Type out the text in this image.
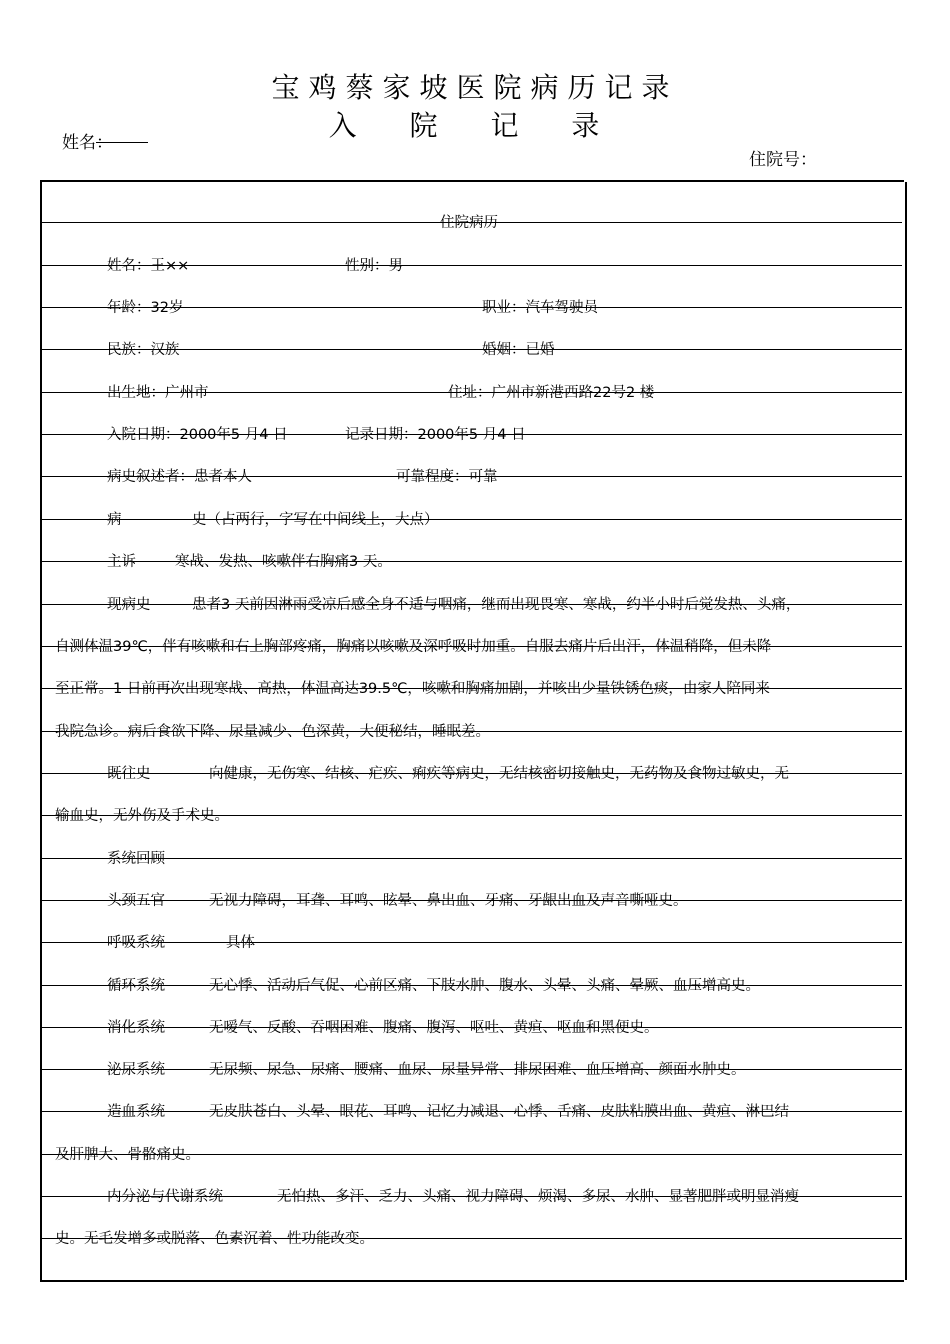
宝鸡蔡家坡医院病历记录
入 院 记 录
姓名：
住院号：
住院病历
姓名：王××	性别：男
年龄：32岁	职业：汽车驾驶员
民族：汉族	婚姻：已婚
出生地：广州市	住址：广州市新港西路22号2 楼
入院日期：2000年5 月4 日	记录日期：2000年5 月4 日
病史叙述者：患者本人	可靠程度：可靠
病	史（占两行，字写在中间线上，大点）
主诉	寒战、发热、咳嗽伴右胸痛3 天。
现病史	患者3 天前因淋雨受凉后感全身不适与咽痛，继而出现畏寒、寒战，约半小时后觉发热、头痛，
自测体温39℃，伴有咳嗽和右上胸部疼痛，胸痛以咳嗽及深呼吸时加重。自服去痛片后出汗，体温稍降，但未降
至正常。1 日前再次出现寒战、高热，体温高达39.5℃，咳嗽和胸痛加剧，并咳出少量铁锈色痰，由家人陪同来
我院急诊。病后食欲下降、尿量减少、色深黄，大便秘结，睡眠差。
既往史	向健康，无伤寒、结核、疟疾、痢疾等病史，无结核密切接触史，无药物及食物过敏史，无
输血史，无外伤及手术史。
系统回顾
头颈五官	无视力障碍，耳聋、耳鸣、眩晕、鼻出血、牙痛、牙龈出血及声音嘶哑史。
呼吸系统	具体
循环系统	无心悸、活动后气促、心前区痛、下肢水肿、腹水、头晕、头痛、晕厥、血压增高史。
消化系统	无嗳气、反酸、吞咽困难、腹痛、腹泻、呕吐、黄疸、呕血和黑便史。
泌尿系统	无尿频、尿急、尿痛、腰痛、血尿、尿量异常、排尿困难、血压增高、颜面水肿史。
造血系统	无皮肤苍白、头晕、眼花、耳鸣、记忆力减退、心悸、舌痛、皮肤粘膜出血、黄疸、淋巴结
及肝脾大、骨骼痛史。
内分泌与代谢系统	无怕热、多汗、乏力、头痛、视力障碍、烦渴、多尿、水肿、显著肥胖或明显消瘦
史。无毛发增多或脱落、色素沉着、性功能改变。
